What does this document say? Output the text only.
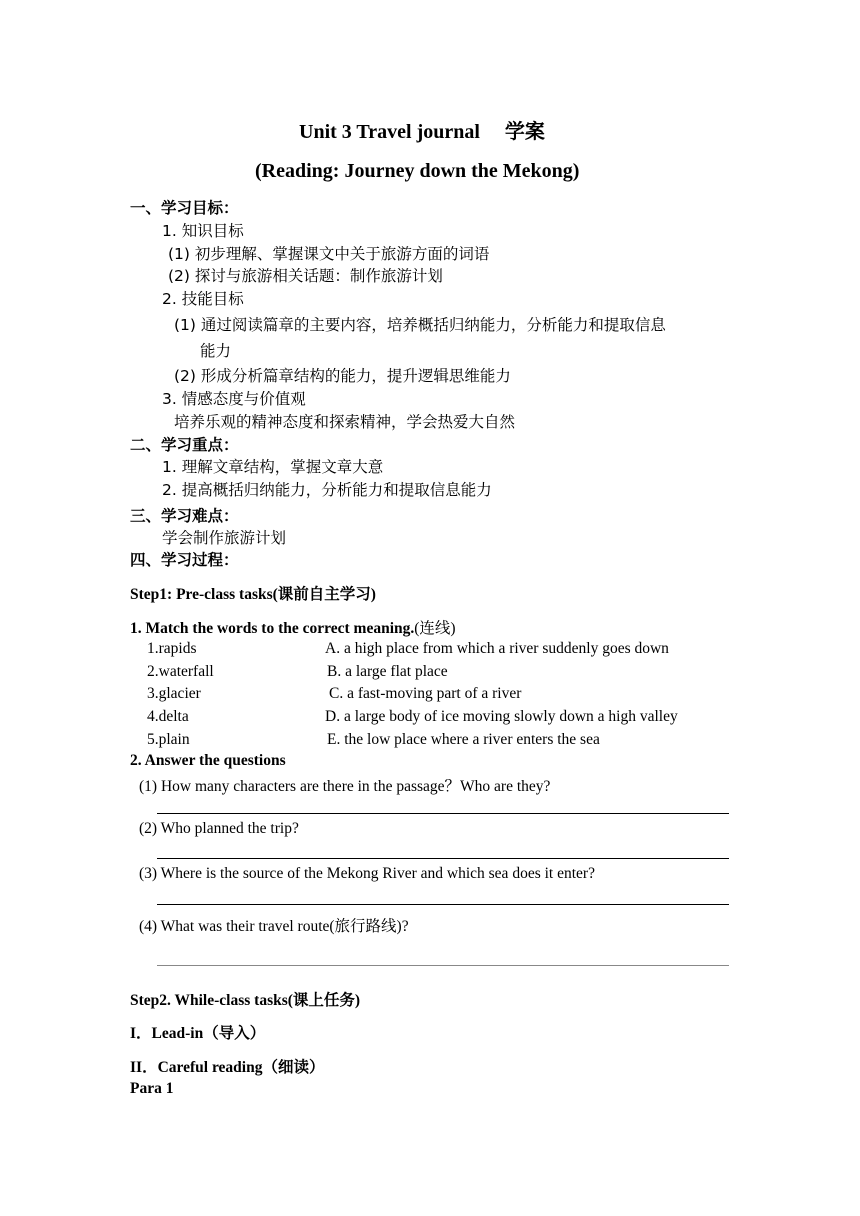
Unit 3 Travel journal　 学案
(Reading: Journey down the Mekong)
一、学习目标：
1. 知识目标
(1) 初步理解、掌握课文中关于旅游方面的词语
(2) 探讨与旅游相关话题：制作旅游计划
2. 技能目标
(1) 通过阅读篇章的主要内容，培养概括归纳能力，分析能力和提取信息
能力
(2) 形成分析篇章结构的能力，提升逻辑思维能力
3. 情感态度与价值观
培养乐观的精神态度和探索精神，学会热爱大自然
二、学习重点：
1. 理解文章结构，掌握文章大意
2. 提高概括归纳能力，分析能力和提取信息能力
三、学习难点：
学会制作旅游计划
四、学习过程：
Step1: Pre-class tasks(课前自主学习)
1. Match the words to the correct meaning.(连线)
1.rapids
2.waterfall
3.glacier
4.delta
5.plain
A. a high place from which a river suddenly goes down
B. a large flat place
C. a fast-moving part of a river
D. a large body of ice moving slowly down a high valley
E. the low place where a river enters the sea
2. Answer the questions
(1) How many characters are there in the passage？Who are they?
(2) Who planned the trip?
(3) Where is the source of the Mekong River and which sea does it enter?
(4) What was their travel route(旅行路线)?
Step2. While-class tasks(课上任务)
I．Lead-in（导入）
II．Careful reading（细读）
Para 1
